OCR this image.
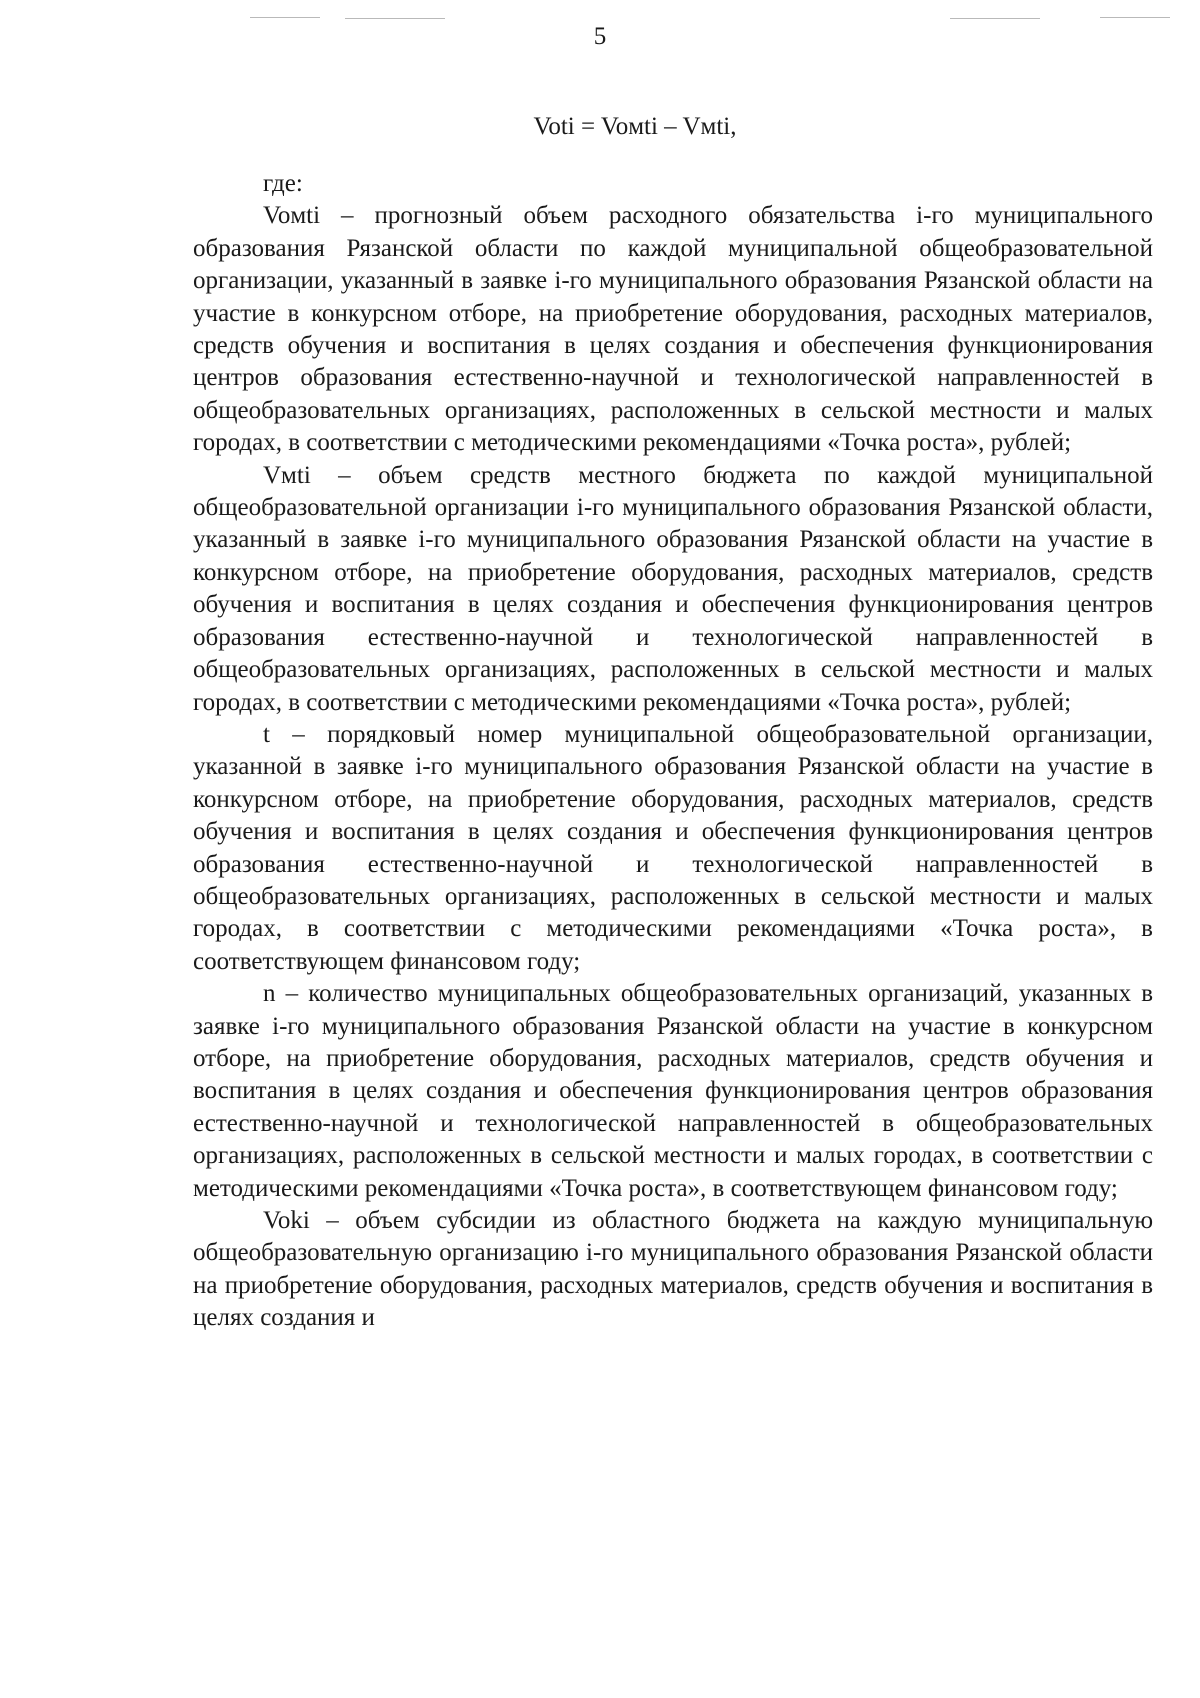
5
Voti = Voмti – Vмti,

где:

Voмti – прогнозный объем расходного обязательства i-го муниципального образования Рязанской области по каждой муниципальной общеобразовательной организации, указанный в заявке i-го муниципального образования Рязанской области на участие в конкурсном отборе, на приобретение оборудования, расходных материалов, средств обучения и воспитания в целях создания и обеспечения функционирования центров образования естественно-научной и технологической направленностей в общеобразовательных организациях, расположенных в сельской местности и малых городах, в соответствии с методическими рекомендациями «Точка роста», рублей;

Vмti – объем средств местного бюджета по каждой муниципальной общеобразовательной организации i-го муниципального образования Рязанской области, указанный в заявке i-го муниципального образования Рязанской области на участие в конкурсном отборе, на приобретение оборудования, расходных материалов, средств обучения и воспитания в целях создания и обеспечения функционирования центров образования естественно-научной и технологической направленностей в общеобразовательных организациях, расположенных в сельской местности и малых городах, в соответствии с методическими рекомендациями «Точка роста», рублей;

t – порядковый номер муниципальной общеобразовательной организации, указанной в заявке i-го муниципального образования Рязанской области на участие в конкурсном отборе, на приобретение оборудования, расходных материалов, средств обучения и воспитания в целях создания и обеспечения функционирования центров образования естественно-научной и технологической направленностей в общеобразовательных организациях, расположенных в сельской местности и малых городах, в соответствии с методическими рекомендациями «Точка роста», в соответствующем финансовом году;

n – количество муниципальных общеобразовательных организаций, указанных в заявке i-го муниципального образования Рязанской области на участие в конкурсном отборе, на приобретение оборудования, расходных материалов, средств обучения и воспитания в целях создания и обеспечения функционирования центров образования естественно-научной и технологической направленностей в общеобразовательных организациях, расположенных в сельской местности и малых городах, в соответствии с методическими рекомендациями «Точка роста», в соответствующем финансовом году;

Voki – объем субсидии из областного бюджета на каждую муниципальную общеобразовательную организацию i-го муниципального образования Рязанской области на приобретение оборудования, расходных материалов, средств обучения и воспитания в целях создания и
